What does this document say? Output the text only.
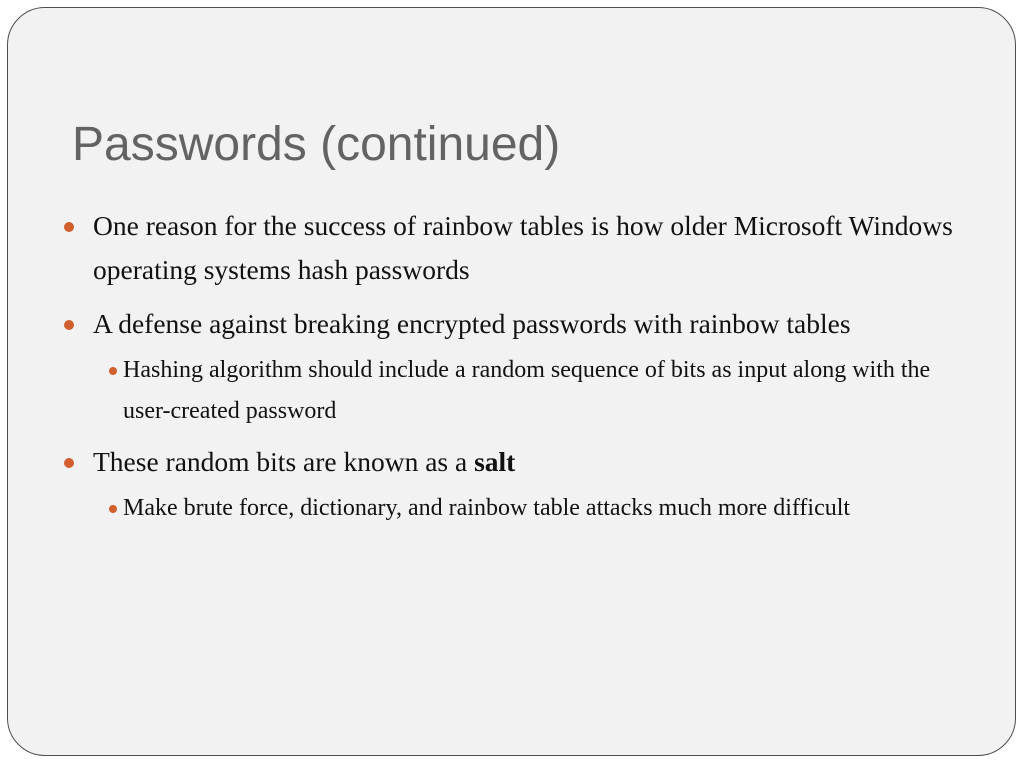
Passwords (continued)

One reason for the success of rainbow tables is how older Microsoft Windows operating systems hash passwords

A defense against breaking encrypted passwords with rainbow tables

Hashing algorithm should include a random sequence of bits as input along with the user-created password

These random bits are known as a salt

Make brute force, dictionary, and rainbow table attacks much more difficult
